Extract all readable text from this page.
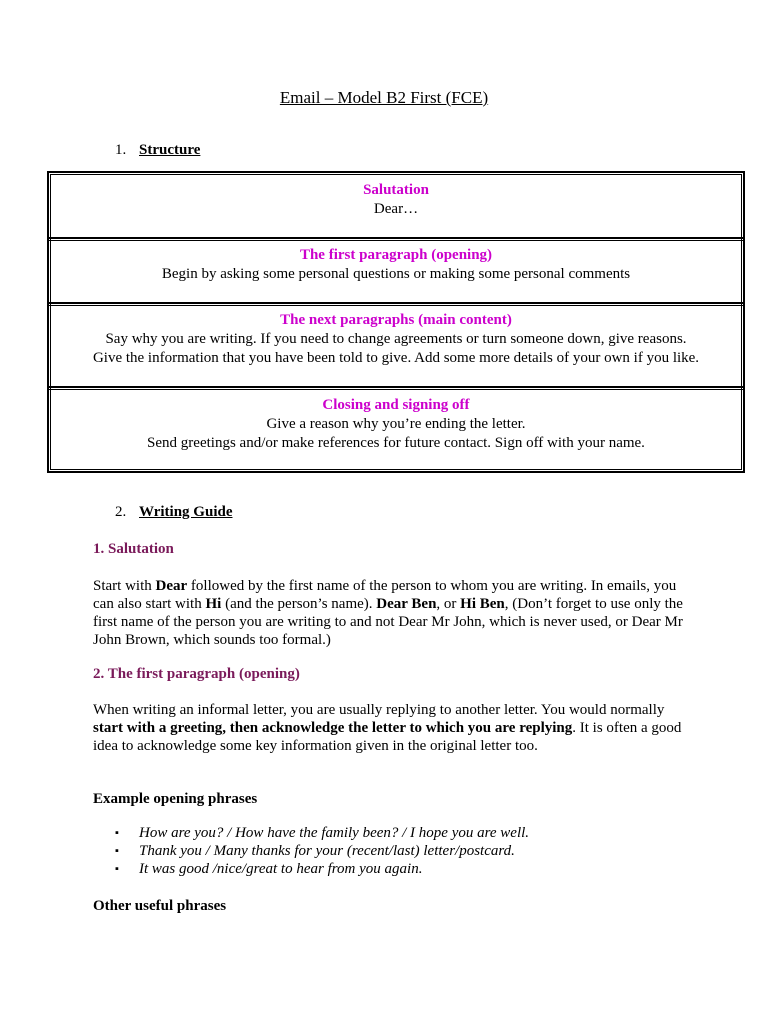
Email – Model B2 First (FCE)
1. Structure
Salutation
Dear…
The first paragraph (opening)
Begin by asking some personal questions or making some personal comments
The next paragraphs (main content)
Say why you are writing. If you need to change agreements or turn someone down, give reasons.
Give the information that you have been told to give. Add some more details of your own if you like.
Closing and signing off
Give a reason why you’re ending the letter.
Send greetings and/or make references for future contact. Sign off with your name.
2. Writing Guide
1. Salutation
Start with Dear followed by the first name of the person to whom you are writing. In emails, you can also start with Hi (and the person’s name). Dear Ben, or Hi Ben, (Don’t forget to use only the first name of the person you are writing to and not Dear Mr John, which is never used, or Dear Mr John Brown, which sounds too formal.)
2. The first paragraph (opening)
When writing an informal letter, you are usually replying to another letter. You would normally start with a greeting, then acknowledge the letter to which you are replying. It is often a good idea to acknowledge some key information given in the original letter too.
Example opening phrases
▪ How are you? / How have the family been? / I hope you are well.
▪ Thank you / Many thanks for your (recent/last) letter/postcard.
▪ It was good /nice/great to hear from you again.
Other useful phrases
